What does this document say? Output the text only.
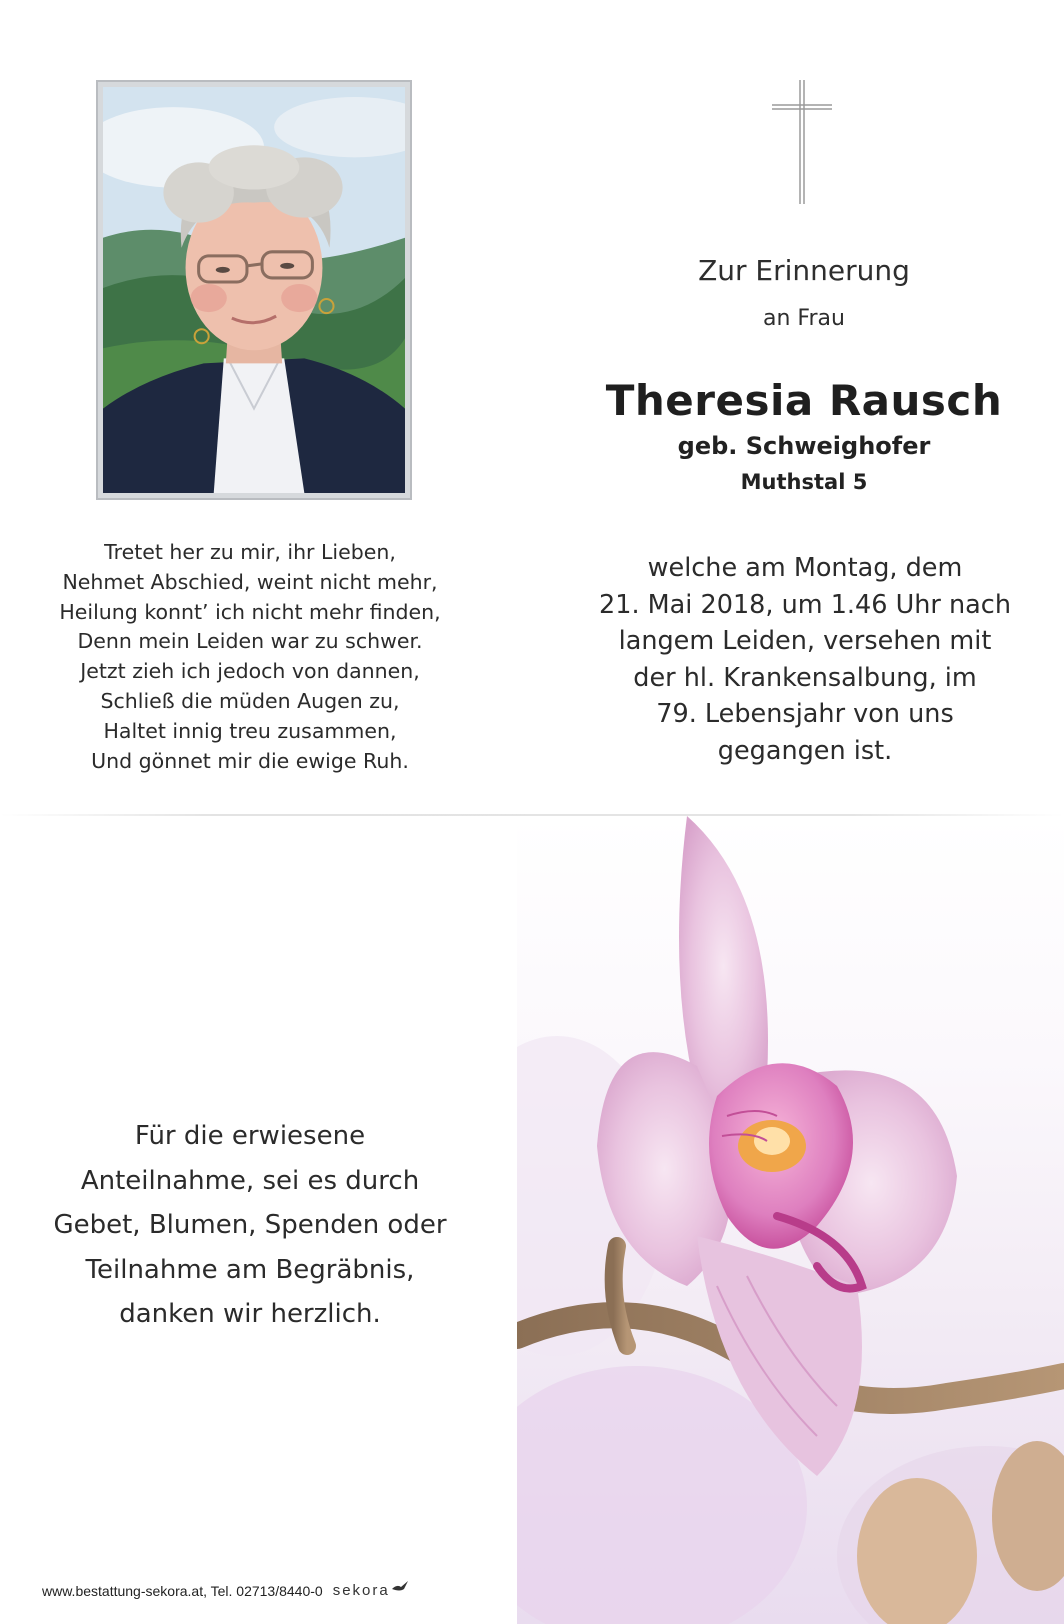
Tretet her zu mir, ihr Lieben,
Nehmet Abschied, weint nicht mehr,
Heilung konnt’ ich nicht mehr finden,
Denn mein Leiden war zu schwer.
Jetzt zieh ich jedoch von dannen,
Schließ die müden Augen zu,
Haltet innig treu zusammen,
Und gönnet mir die ewige Ruh.
Zur Erinnerung
an Frau
Theresia Rausch
geb. Schweighofer
Muthstal 5
welche am Montag, dem
21. Mai 2018, um 1.46 Uhr nach
langem Leiden, versehen mit
der hl. Krankensalbung, im
79. Lebensjahr von uns
gegangen ist.
Für die erwiesene
Anteilnahme, sei es durch
Gebet, Blumen, Spenden oder
Teilnahme am Begräbnis,
danken wir herzlich.
www.bestattung-sekora.at, Tel. 02713/8440-0 sekora
